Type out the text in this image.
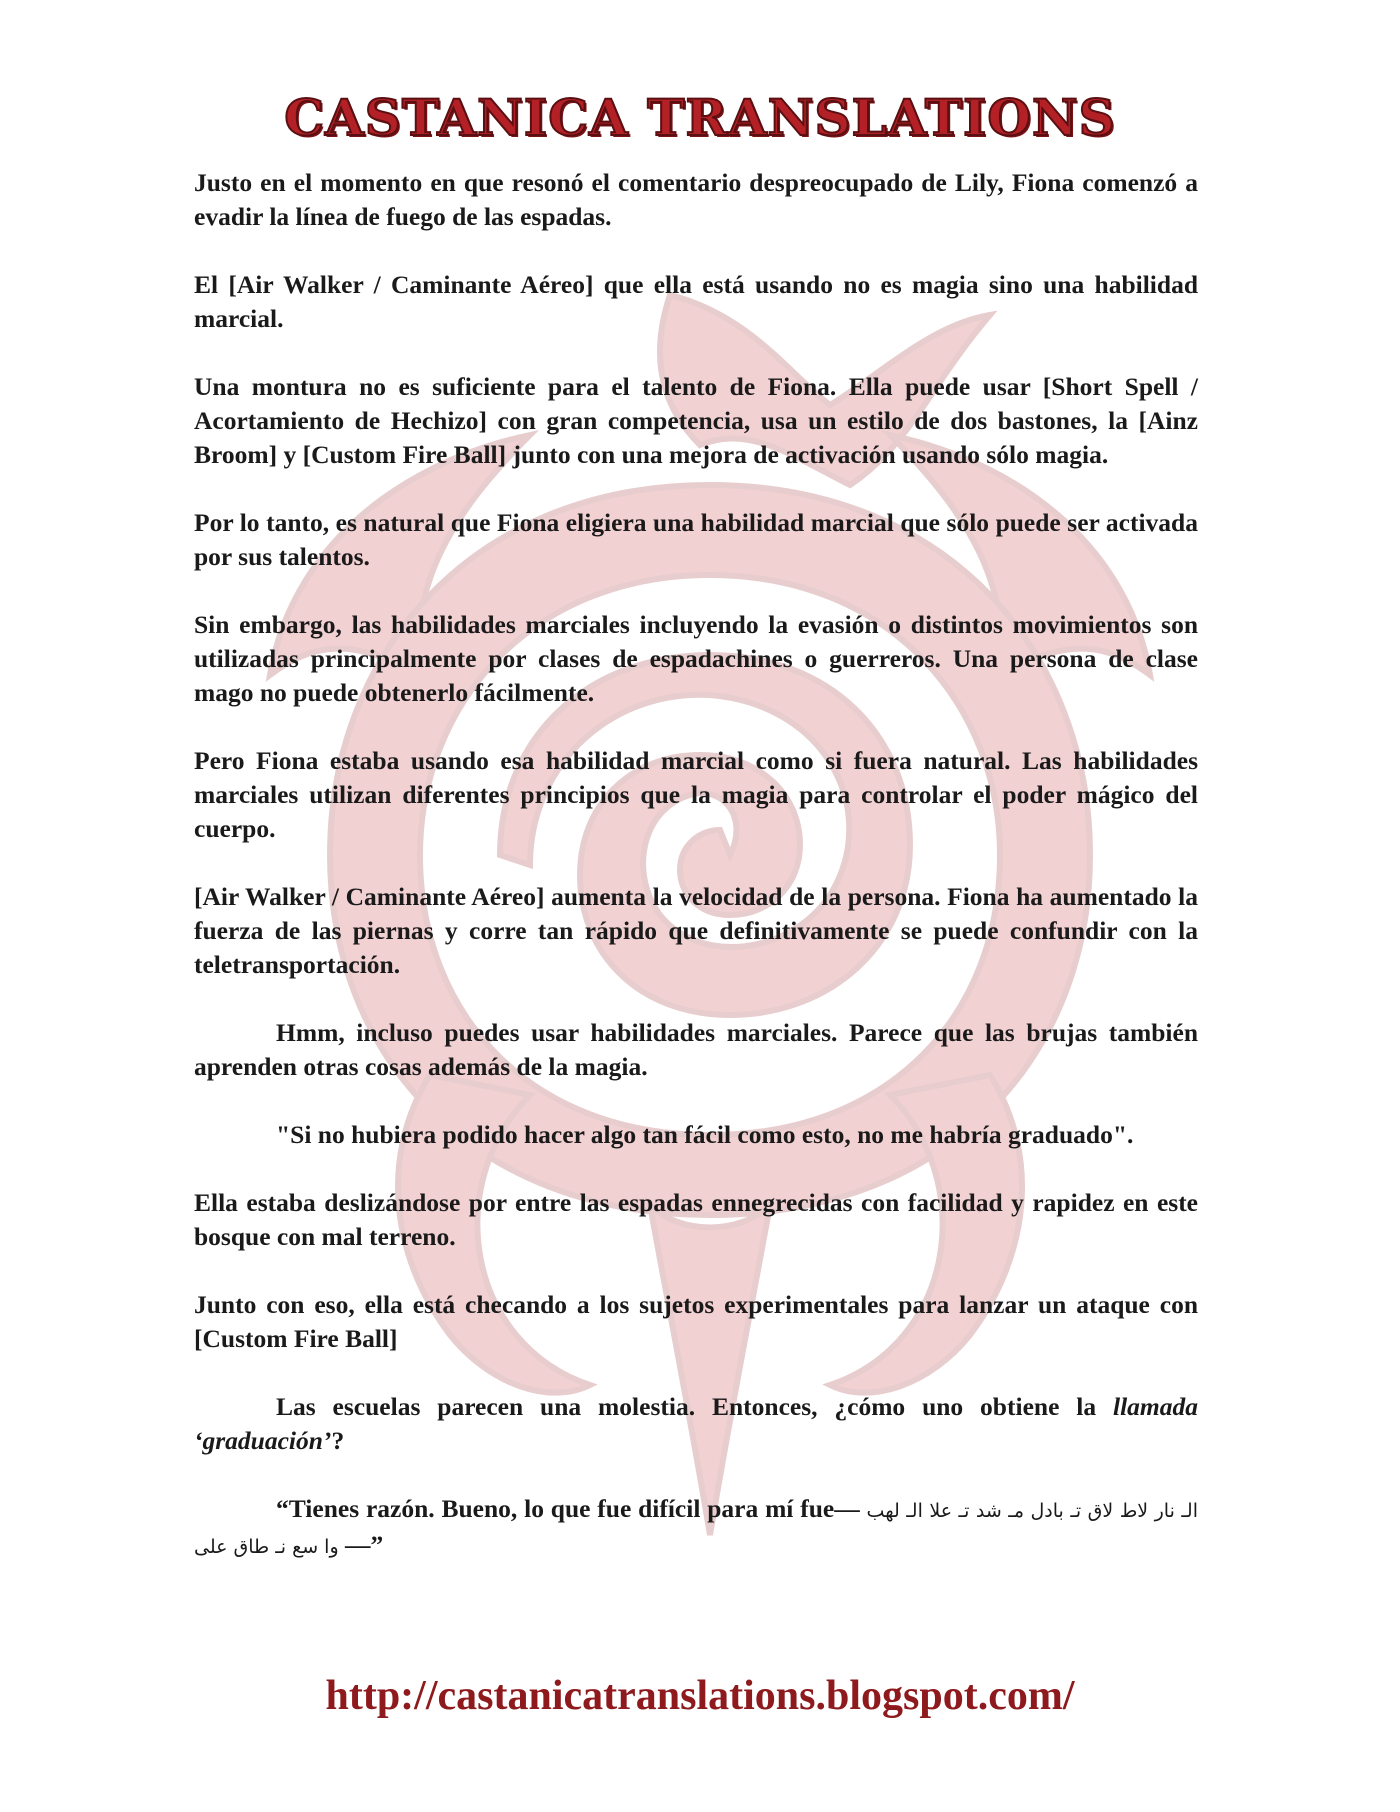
CASTANICA TRANSLATIONS

Justo en el momento en que resonó el comentario despreocupado de Lily, Fiona comenzó a evadir la línea de fuego de las espadas.

El [Air Walker / Caminante Aéreo] que ella está usando no es magia sino una habilidad marcial.

Una montura no es suficiente para el talento de Fiona. Ella puede usar [Short Spell / Acortamiento de Hechizo] con gran competencia, usa un estilo de dos bastones, la [Ainz Broom] y [Custom Fire Ball] junto con una mejora de activación usando sólo magia.

Por lo tanto, es natural que Fiona eligiera una habilidad marcial que sólo puede ser activada por sus talentos.

Sin embargo, las habilidades marciales incluyendo la evasión o distintos movimientos son utilizadas principalmente por clases de espadachines o guerreros. Una persona de clase mago no puede obtenerlo fácilmente.

Pero Fiona estaba usando esa habilidad marcial como si fuera natural. Las habilidades marciales utilizan diferentes principios que la magia para controlar el poder mágico del cuerpo.

[Air Walker / Caminante Aéreo] aumenta la velocidad de la persona. Fiona ha aumentado la fuerza de las piernas y corre tan rápido que definitivamente se puede confundir con la teletransportación.

Hmm, incluso puedes usar habilidades marciales. Parece que las brujas también aprenden otras cosas además de la magia.

"Si no hubiera podido hacer algo tan fácil como esto, no me habría graduado".

Ella estaba deslizándose por entre las espadas ennegrecidas con facilidad y rapidez en este bosque con mal terreno.

Junto con eso, ella está checando a los sujetos experimentales para lanzar un ataque con [Custom Fire Ball]

Las escuelas parecen una molestia. Entonces, ¿cómo uno obtiene la llamada ‘graduación’?

“Tienes razón. Bueno, lo que fue difícil para mí fue— الـ نار لاط لاق تـ بادل مـ شد تـ علا الـ لهب وا سع نـ طاق على —”

http://castanicatranslations.blogspot.com/
